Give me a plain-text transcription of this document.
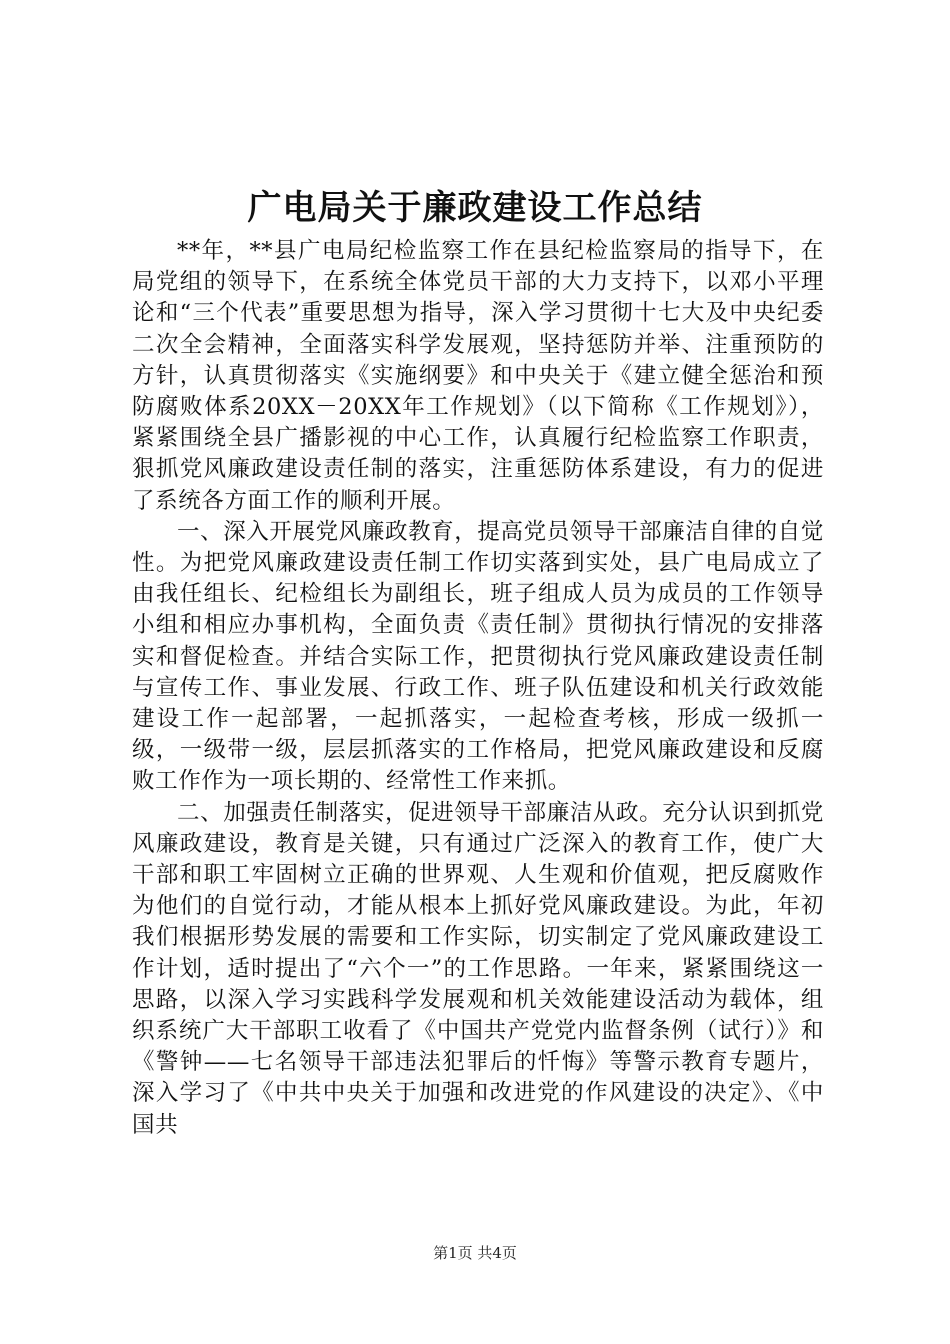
广电局关于廉政建设工作总结

**年，**县广电局纪检监察工作在县纪检监察局的指导下，在局党组的领导下，在系统全体党员干部的大力支持下，以邓小平理论和“三个代表”重要思想为指导，深入学习贯彻十七大及中央纪委二次全会精神，全面落实科学发展观，坚持惩防并举、注重预防的方针，认真贯彻落实《实施纲要》和中央关于《建立健全惩治和预防腐败体系20XX－20XX年工作规划》（以下简称《工作规划》），紧紧围绕全县广播影视的中心工作，认真履行纪检监察工作职责，狠抓党风廉政建设责任制的落实，注重惩防体系建设，有力的促进了系统各方面工作的顺利开展。

一、深入开展党风廉政教育，提高党员领导干部廉洁自律的自觉性。为把党风廉政建设责任制工作切实落到实处，县广电局成立了由我任组长、纪检组长为副组长，班子组成人员为成员的工作领导小组和相应办事机构，全面负责《责任制》贯彻执行情况的安排落实和督促检查。并结合实际工作，把贯彻执行党风廉政建设责任制与宣传工作、事业发展、行政工作、班子队伍建设和机关行政效能建设工作一起部署，一起抓落实，一起检查考核，形成一级抓一级，一级带一级，层层抓落实的工作格局，把党风廉政建设和反腐败工作作为一项长期的、经常性工作来抓。

二、加强责任制落实，促进领导干部廉洁从政。充分认识到抓党风廉政建设，教育是关键，只有通过广泛深入的教育工作，使广大干部和职工牢固树立正确的世界观、人生观和价值观，把反腐败作为他们的自觉行动，才能从根本上抓好党风廉政建设。为此，年初我们根据形势发展的需要和工作实际，切实制定了党风廉政建设工作计划，适时提出了“六个一”的工作思路。一年来，紧紧围绕这一思路，以深入学习实践科学发展观和机关效能建设活动为载体，组织系统广大干部职工收看了《中国共产党党内监督条例（试行）》和《警钟——七名领导干部违法犯罪后的忏悔》等警示教育专题片，深入学习了《中共中央关于加强和改进党的作风建设的决定》、《中国共

第1页 共4页
